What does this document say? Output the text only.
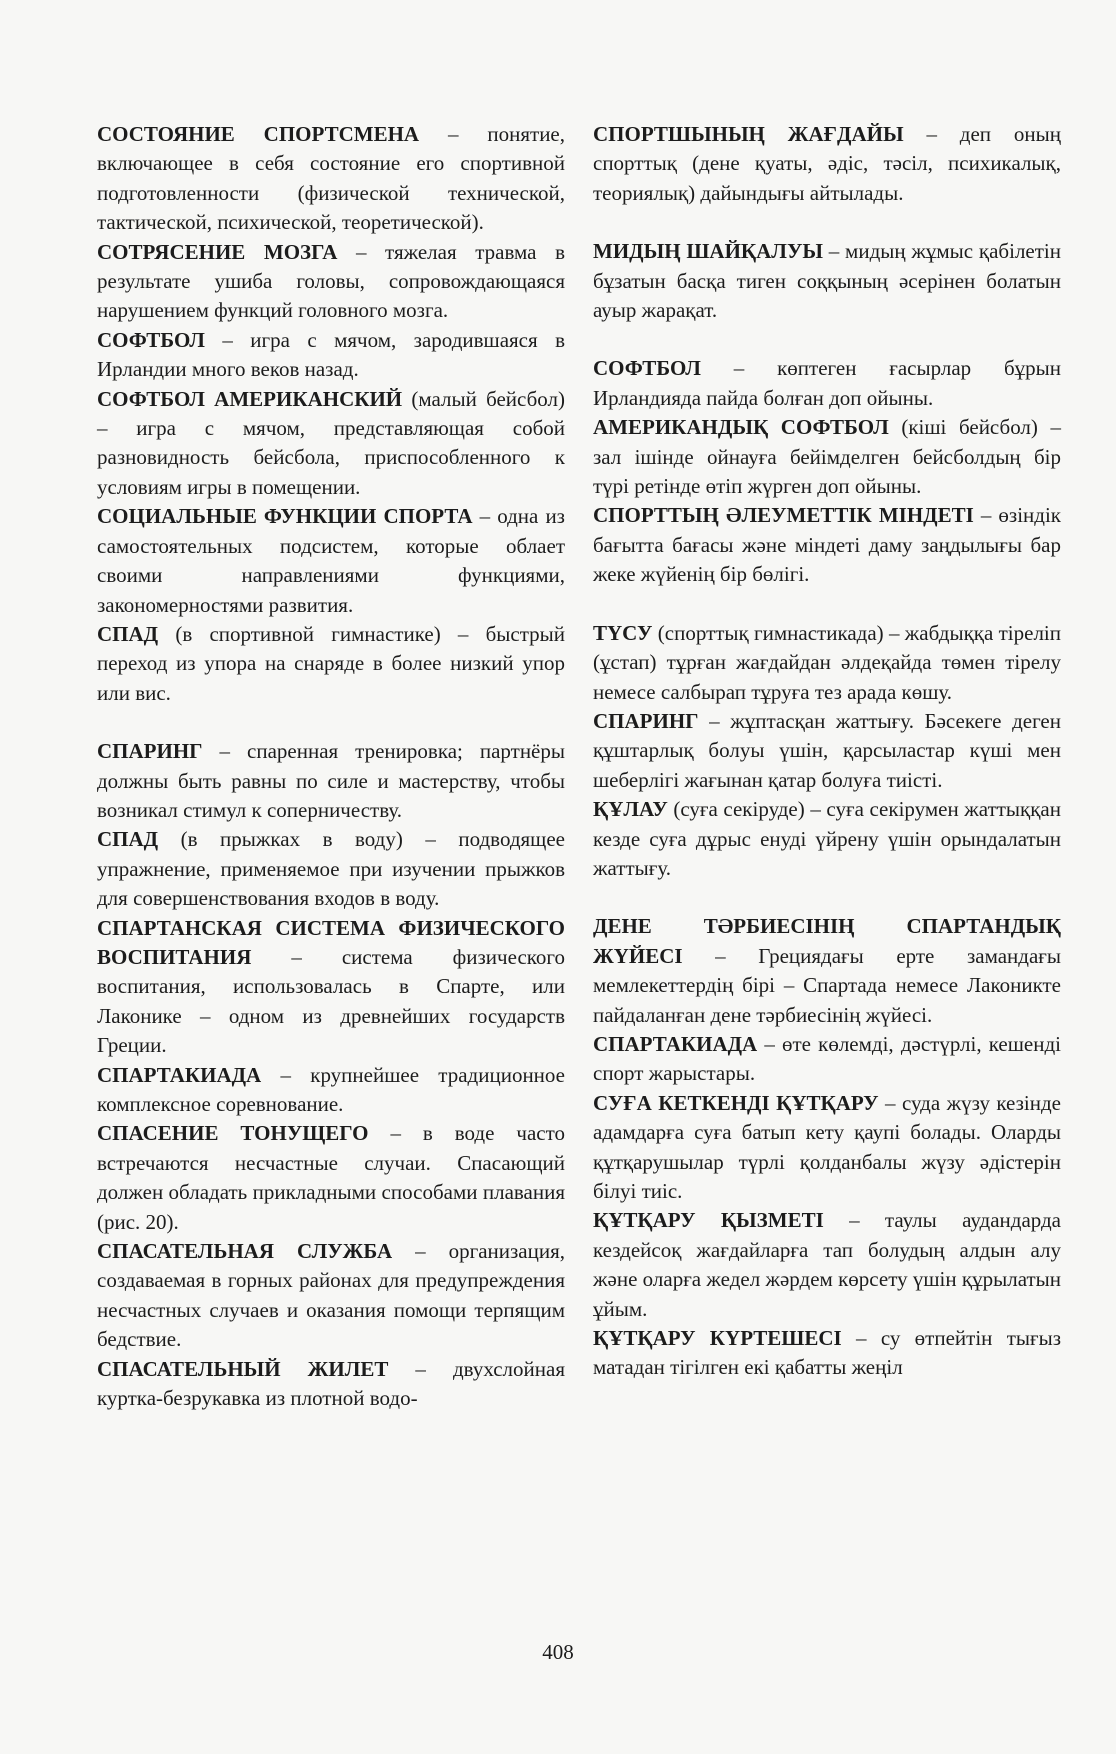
СОСТОЯНИЕ СПОРТСМЕНА – понятие, включающее в себя состояние его спортивной подготовленности (физической технической, тактической, психической, теоретической).

СОТРЯСЕНИЕ МОЗГА – тяжелая травма в результате ушиба головы, сопровождающаяся нарушением функций головного мозга.

СОФТБОЛ – игра с мячом, зародившаяся в Ирландии много веков назад.

СОФТБОЛ АМЕРИКАНСКИЙ (малый бейсбол) – игра с мячом, представляющая собой разновидность бейсбола, приспособленного к условиям игры в помещении.

СОЦИАЛЬНЫЕ ФУНКЦИИ СПОРТА – одна из самостоятельных подсистем, которые облает своими направлениями функциями, закономерностями развития.

СПАД (в спортивной гимнастике) – быстрый переход из упора на снаряде в более низкий упор или вис.

СПАРИНГ – спаренная тренировка; партнёры должны быть равны по силе и мастерству, чтобы возникал стимул к соперничеству.

СПАД (в прыжках в воду) – подводящее упражнение, применяемое при изучении прыжков для совершенствования входов в воду.

СПАРТАНСКАЯ СИСТЕМА ФИЗИЧЕСКОГО ВОСПИТАНИЯ – система физического воспитания, использовалась в Спарте, или Лаконике – одном из древнейших государств Греции.

СПАРТАКИАДА – крупнейшее традиционное комплексное соревнование.

СПАСЕНИЕ ТОНУЩЕГО – в воде часто встречаются несчастные случаи. Спасающий должен обладать прикладными способами плавания (рис. 20).

СПАСАТЕЛЬНАЯ СЛУЖБА – организация, создаваемая в горных районах для предупреждения несчастных случаев и оказания помощи терпящим бедствие.

СПАСАТЕЛЬНЫЙ ЖИЛЕТ – двухслойная куртка-безрукавка из плотной водо-

СПОРТШЫНЫҢ ЖАҒДАЙЫ – деп оның спорттық (дене қуаты, әдіс, тәсіл, психикалық, теориялық) дайындығы айтылады.

МИДЫҢ ШАЙҚАЛУЫ – мидың жұмыс қабілетін бұзатын басқа тиген соққының әсерінен болатын ауыр жарақат.

СОФТБОЛ – көптеген ғасырлар бұрын Ирландияда пайда болған доп ойыны.

АМЕРИКАНДЫҚ СОФТБОЛ (кіші бейсбол) – зал ішінде ойнауға бейімделген бейсболдың бір түрі ретінде өтіп жүрген доп ойыны.

СПОРТТЫҢ ӘЛЕУМЕТТІК МІНДЕТІ – өзіндік бағытта бағасы және міндеті даму заңдылығы бар жеке жүйенің бір бөлігі.

ТҮСУ (спорттық гимнастикада) – жабдыққа тіреліп (ұстап) тұрған жағдайдан әлдеқайда төмен тірелу немесе салбырап тұруға тез арада көшу.

СПАРИНГ – жұптасқан жаттығу. Бәсекеге деген құштарлық болуы үшін, қарсыластар күші мен шеберлігі жағынан қатар болуға тиісті.

ҚҰЛАУ (суға секіруде) – суға секірумен жаттыққан кезде суға дұрыс енуді үйрену үшін орындалатын жаттығу.

ДЕНЕ ТӘРБИЕСІНІҢ СПАРТАНДЫҚ ЖҮЙЕСІ – Грециядағы ерте замандағы мемлекеттердің бірі – Спартада немесе Лаконикте пайдаланған дене тәрбиесінің жүйесі.

СПАРТАКИАДА – өте көлемді, дәстүрлі, кешенді спорт жарыстары.

СУҒА КЕТКЕНДІ ҚҰТҚАРУ – суда жүзу кезінде адамдарға суға батып кету қаупі болады. Оларды құтқарушылар түрлі қолданбалы жүзу әдістерін білуі тиіс.

ҚҰТҚАРУ ҚЫЗМЕТІ – таулы аудандарда кездейсоқ жағдайларға тап болудың алдын алу және оларға жедел жәрдем көрсету үшін құрылатын ұйым.

ҚҰТҚАРУ КҮРТЕШЕСІ – су өтпейтін тығыз матадан тігілген екі қабатты жеңіл

408
